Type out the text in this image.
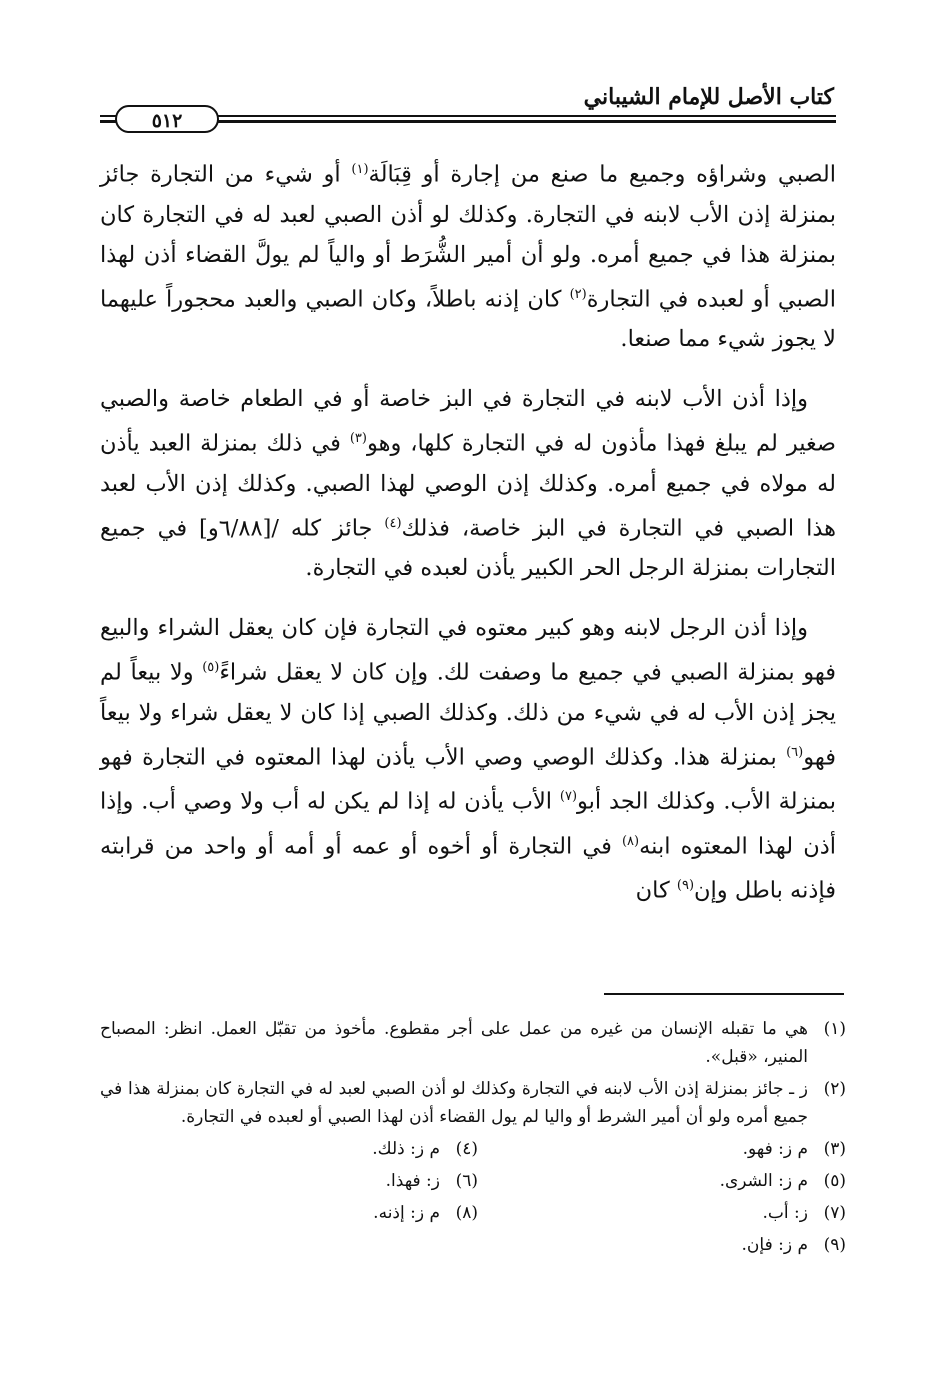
كتاب الأصل للإمام الشيباني
٥١٢

الصبي وشراؤه وجميع ما صنع من إجارة أو قِبَالَة$^{(١)}$ أو شيء من التجارة جائز بمنزلة إذن الأب لابنه في التجارة. وكذلك لو أذن الصبي لعبد له في التجارة كان بمنزلة هذا في جميع أمره. ولو أن أمير الشُّرَط أو والياً لم يولَّ القضاء أذن لهذا الصبي أو لعبده في التجارة$^{(٢)}$ كان إذنه باطلاً، وكان الصبي والعبد محجوراً عليهما لا يجوز شيء مما صنعا.

وإذا أذن الأب لابنه في التجارة في البز خاصة أو في الطعام خاصة والصبي صغير لم يبلغ فهذا مأذون له في التجارة كلها، وهو$^{(٣)}$ في ذلك بمنزلة العبد يأذن له مولاه في جميع أمره. وكذلك إذن الوصي لهذا الصبي. وكذلك إذن الأب لعبد هذا الصبي في التجارة في البز خاصة، فذلك$^{(٤)}$ جائز كله /[٦/٨٨و] في جميع التجارات بمنزلة الرجل الحر الكبير يأذن لعبده في التجارة.

وإذا أذن الرجل لابنه وهو كبير معتوه في التجارة فإن كان يعقل الشراء والبيع فهو بمنزلة الصبي في جميع ما وصفت لك. وإن كان لا يعقل شراءً$^{(٥)}$ ولا بيعاً لم يجز إذن الأب له في شيء من ذلك. وكذلك الصبي إذا كان لا يعقل شراء ولا بيعاً فهو$^{(٦)}$ بمنزلة هذا. وكذلك الوصي وصي الأب يأذن لهذا المعتوه في التجارة فهو بمنزلة الأب. وكذلك الجد أبو$^{(٧)}$ الأب يأذن له إذا لم يكن له أب ولا وصي أب. وإذا أذن لهذا المعتوه ابنه$^{(٨)}$ في التجارة أو أخوه أو عمه أو أمه أو واحد من قرابته فإذنه باطل وإن$^{(٩)}$ كان

(١)
هي ما تقبله الإنسان من غيره من عمل على أجر مقطوع. مأخوذ من تقبّل العمل. انظر: المصباح المنير، «قبل».
(٢)
ز ـ جائز بمنزلة إذن الأب لابنه في التجارة وكذلك لو أذن الصبي لعبد له في التجارة كان بمنزلة هذا في جميع أمره ولو أن أمير الشرط أو واليا لم يول القضاء أذن لهذا الصبي أو لعبده في التجارة.
(٣)
م ز: فهو.
(٤)
م ز: ذلك.
(٥)
م ز: الشرى.
(٦)
ز: فهذا.
(٧)
ز: أب.
(٨)
م ز: إذنه.
(٩)
م ز: فإن.
